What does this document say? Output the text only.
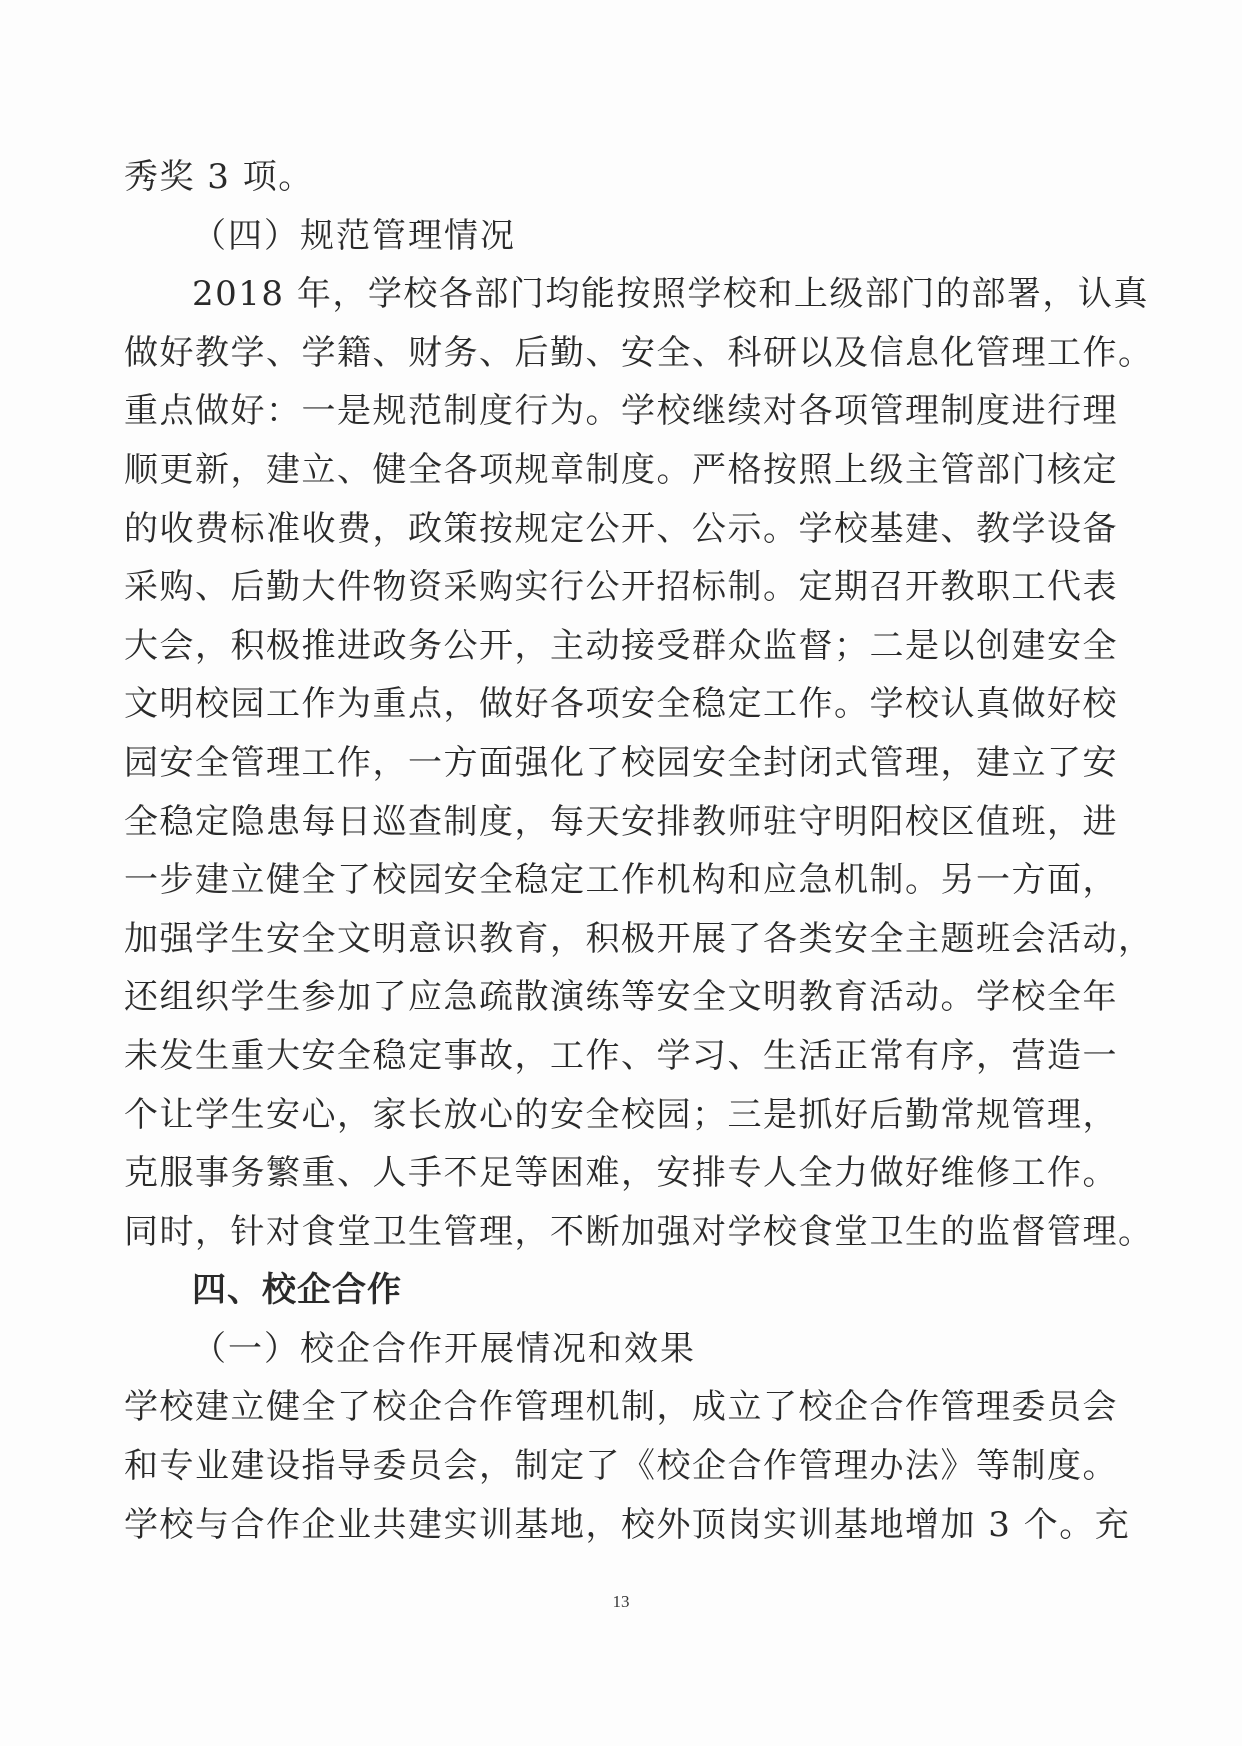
秀奖 3 项。
（四）规范管理情况
2018 年，学校各部门均能按照学校和上级部门的部署，认真
做好教学、学籍、财务、后勤、安全、科研以及信息化管理工作。
重点做好：一是规范制度行为。学校继续对各项管理制度进行理
顺更新，建立、健全各项规章制度。严格按照上级主管部门核定
的收费标准收费，政策按规定公开、公示。学校基建、教学设备
采购、后勤大件物资采购实行公开招标制。定期召开教职工代表
大会，积极推进政务公开，主动接受群众监督；二是以创建安全
文明校园工作为重点，做好各项安全稳定工作。学校认真做好校
园安全管理工作，一方面强化了校园安全封闭式管理，建立了安
全稳定隐患每日巡查制度，每天安排教师驻守明阳校区值班，进
一步建立健全了校园安全稳定工作机构和应急机制。另一方面，
加强学生安全文明意识教育，积极开展了各类安全主题班会活动，
还组织学生参加了应急疏散演练等安全文明教育活动。学校全年
未发生重大安全稳定事故，工作、学习、生活正常有序，营造一
个让学生安心，家长放心的安全校园；三是抓好后勤常规管理，
克服事务繁重、人手不足等困难，安排专人全力做好维修工作。
同时，针对食堂卫生管理，不断加强对学校食堂卫生的监督管理。
四、校企合作
（一）校企合作开展情况和效果
学校建立健全了校企合作管理机制，成立了校企合作管理委员会
和专业建设指导委员会，制定了《校企合作管理办法》等制度。
学校与合作企业共建实训基地，校外顶岗实训基地增加 3 个。充
13
